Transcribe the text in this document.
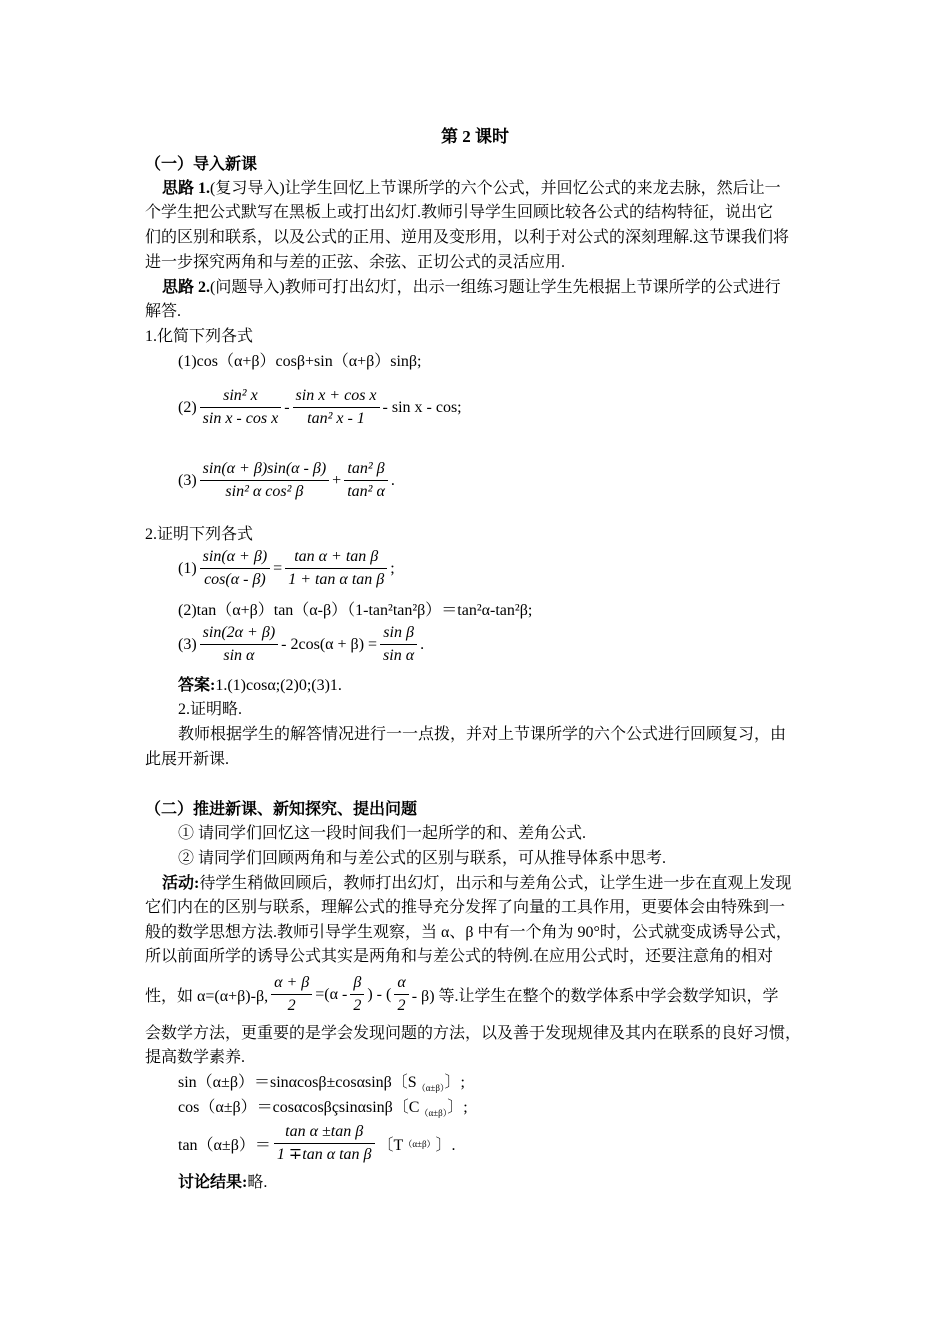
第 2 课时
（一）导入新课
思路 1.(复习导入)让学生回忆上节课所学的六个公式，并回忆公式的来龙去脉，然后让一
个学生把公式默写在黑板上或打出幻灯.教师引导学生回顾比较各公式的结构特征，说出它
们的区别和联系，以及公式的正用、逆用及变形用，以利于对公式的深刻理解.这节课我们将
进一步探究两角和与差的正弦、余弦、正切公式的灵活应用.
思路 2.(问题导入)教师可打出幻灯，出示一组练习题让学生先根据上节课所学的公式进行
解答.
1.化简下列各式
(1)cos（α+β）cosβ+sin（α+β）sinβ;
$(2) \frac{\text{sin² x}}{\text{sin x - cos x}} - \frac{\text{sin x + cos x}}{\text{tan² x - 1}}$ - sin x - cos ;
$(3) \frac{\sin(\alpha + \beta)\sin(\alpha - \beta)}{\text{sin² α cos² β}} + \frac{\text{tan² β}}{\text{tan² α}}$ .
2.证明下列各式
$(1) \frac{\sin(\alpha + \beta)}{\cos(\alpha - \beta)} = \frac{\text{tan α + tan β}}{\text{1 + tan α tan β}}$ ;
(2)tan（α+β）tan（α-β）（1-tan²tan²β）＝tan²α-tan²β;
$(3) \frac{\sin(2\alpha + \beta)}{\text{sin α}} - 2\cos(\alpha + \beta) = \frac{\text{sin β}}{\text{sin α}}$ .
答案:1.(1)cosα;(2)0;(3)1.
2.证明略.
教师根据学生的解答情况进行一一点拨，并对上节课所学的六个公式进行回顾复习，由
此展开新课.
（二）推进新课、新知探究、提出问题
① 请同学们回忆这一段时间我们一起所学的和、差角公式.
② 请同学们回顾两角和与差公式的区别与联系，可从推导体系中思考.
活动:待学生稍做回顾后，教师打出幻灯，出示和与差角公式，让学生进一步在直观上发现
它们内在的区别与联系，理解公式的推导充分发挥了向量的工具作用，更要体会由特殊到一
般的数学思想方法.教师引导学生观察，当 α、β 中有一个角为 90°时，公式就变成诱导公式，
所以前面所学的诱导公式其实是两角和与差公式的特例.在应用公式时，还要注意角的相对
性，如 α=(α+β)-β, $\frac{\alpha + \beta}{2} =(\alpha - \frac{\beta}{2}$ ) - ( $\frac{\alpha}{2} - \beta$) 等.让学生在整个的数学体系中学会数学知识，学
会数学方法，更重要的是学会发现问题的方法，以及善于发现规律及其内在联系的良好习惯，
提高数学素养.
sin（α±β）＝sinαcosβ±cosαsinβ〔$S_{(\alpha\pm\beta)}$〕;
cos（α±β）＝cosαcosβçsinαsinβ〔$C_{(\alpha\pm\beta)}$〕;
$\tan(\alpha\pm\beta)= \frac{\text{tan α ±tan β}}{\text{1 ∓tan α tan β}}$ 〔T （α±β） 〕.
讨论结果:略.
